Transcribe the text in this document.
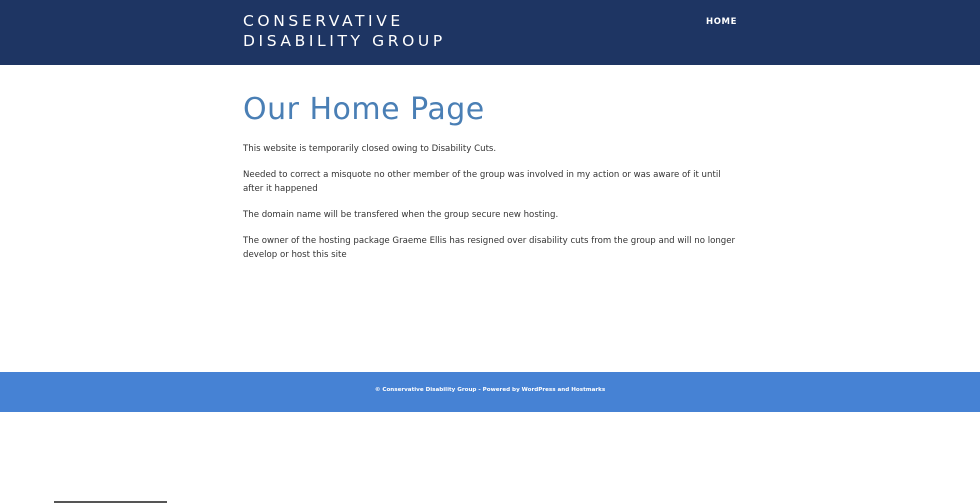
CONSERVATIVE
DISABILITY GROUP
HOME
Our Home Page

This website is temporarily closed owing to Disability Cuts.

Needed to correct a misquote no other member of the group was involved in my action or was aware of it until after it happened

The domain name will be transfered when the group secure new hosting.

The owner of the hosting package Graeme Ellis has resigned over disability cuts from the group and will no longer develop or host this site

© Conservative Disability Group - Powered by WordPress and Hostmarks
